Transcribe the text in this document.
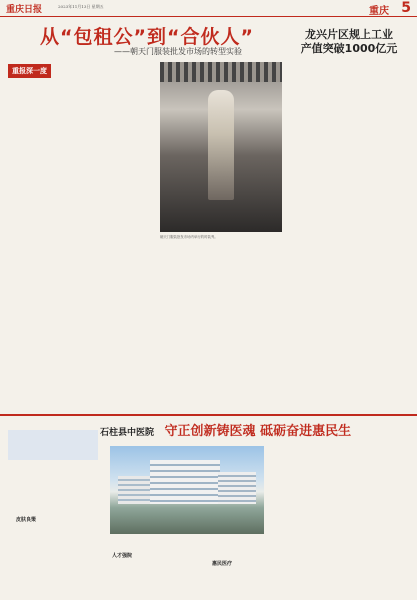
重庆日报	2023年11月13日 星期五	重庆 5
从“包租公”到“合伙人”
——朝天门服装批发市场的转型实验
龙兴片区规上工业
产值突破1000亿元
重报深一度
朝天门服装批发市场内举行的时装秀。
石柱县中医院 守正创新铸医魂 砥砺奋进惠民生
皮肤良策
人才强院
惠民医疗
